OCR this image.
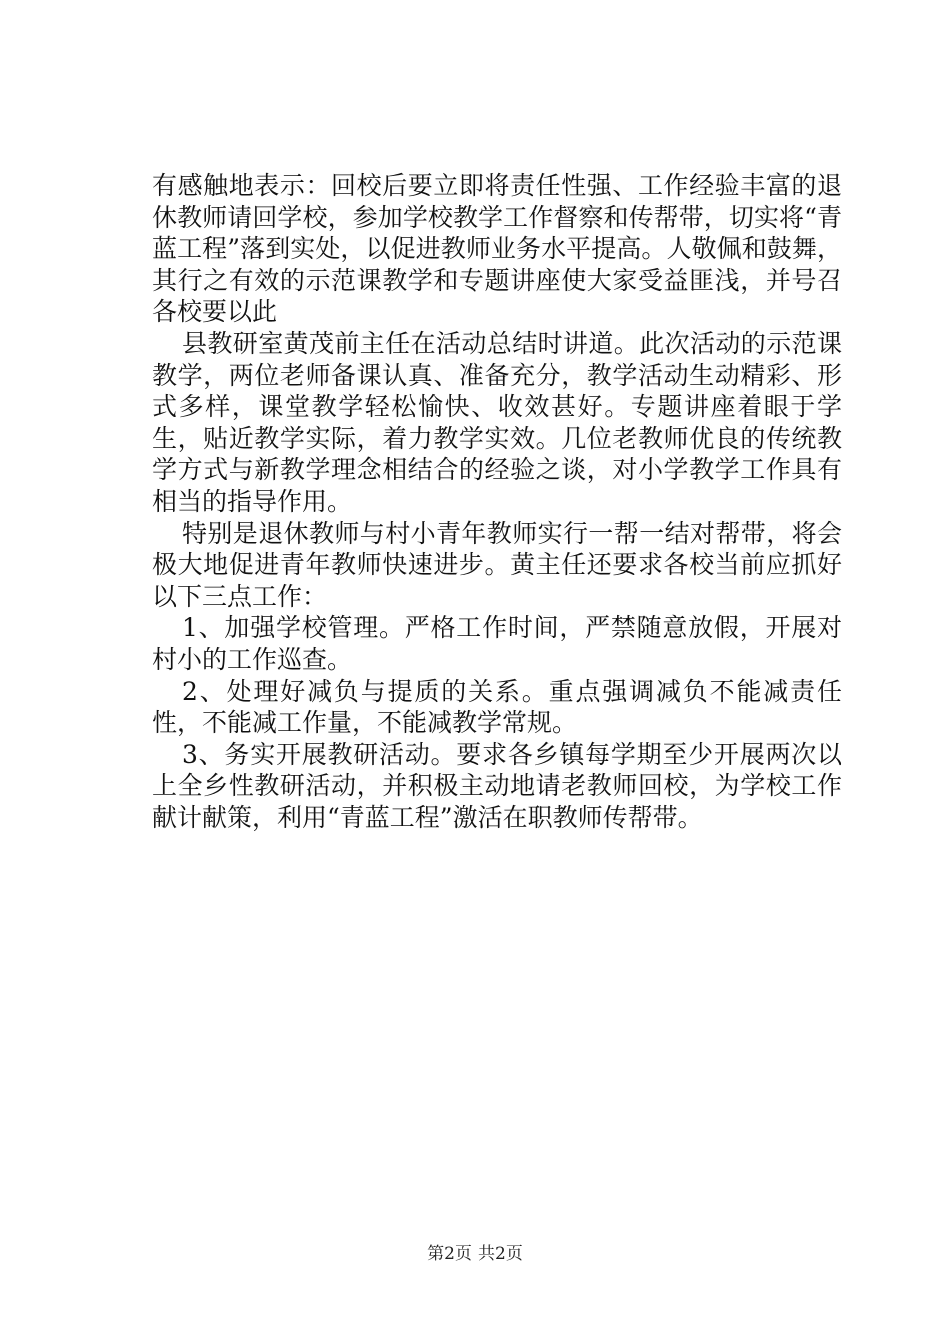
有感触地表示：回校后要立即将责任性强、工作经验丰富的退休教师请回学校，参加学校教学工作督察和传帮带，切实将“青蓝工程”落到实处，以促进教师业务水平提高。人敬佩和鼓舞，其行之有效的示范课教学和专题讲座使大家受益匪浅，并号召各校要以此

县教研室黄茂前主任在活动总结时讲道。此次活动的示范课教学，两位老师备课认真、准备充分，教学活动生动精彩、形式多样，课堂教学轻松愉快、收效甚好。专题讲座着眼于学生，贴近教学实际，着力教学实效。几位老教师优良的传统教学方式与新教学理念相结合的经验之谈，对小学教学工作具有相当的指导作用。

特别是退休教师与村小青年教师实行一帮一结对帮带，将会极大地促进青年教师快速进步。黄主任还要求各校当前应抓好以下三点工作：

1、加强学校管理。严格工作时间，严禁随意放假，开展对村小的工作巡查。

2、处理好减负与提质的关系。重点强调减负不能减责任性，不能减工作量，不能减教学常规。

3、务实开展教研活动。要求各乡镇每学期至少开展两次以上全乡性教研活动，并积极主动地请老教师回校，为学校工作献计献策，利用“青蓝工程”激活在职教师传帮带。

第2页 共2页
